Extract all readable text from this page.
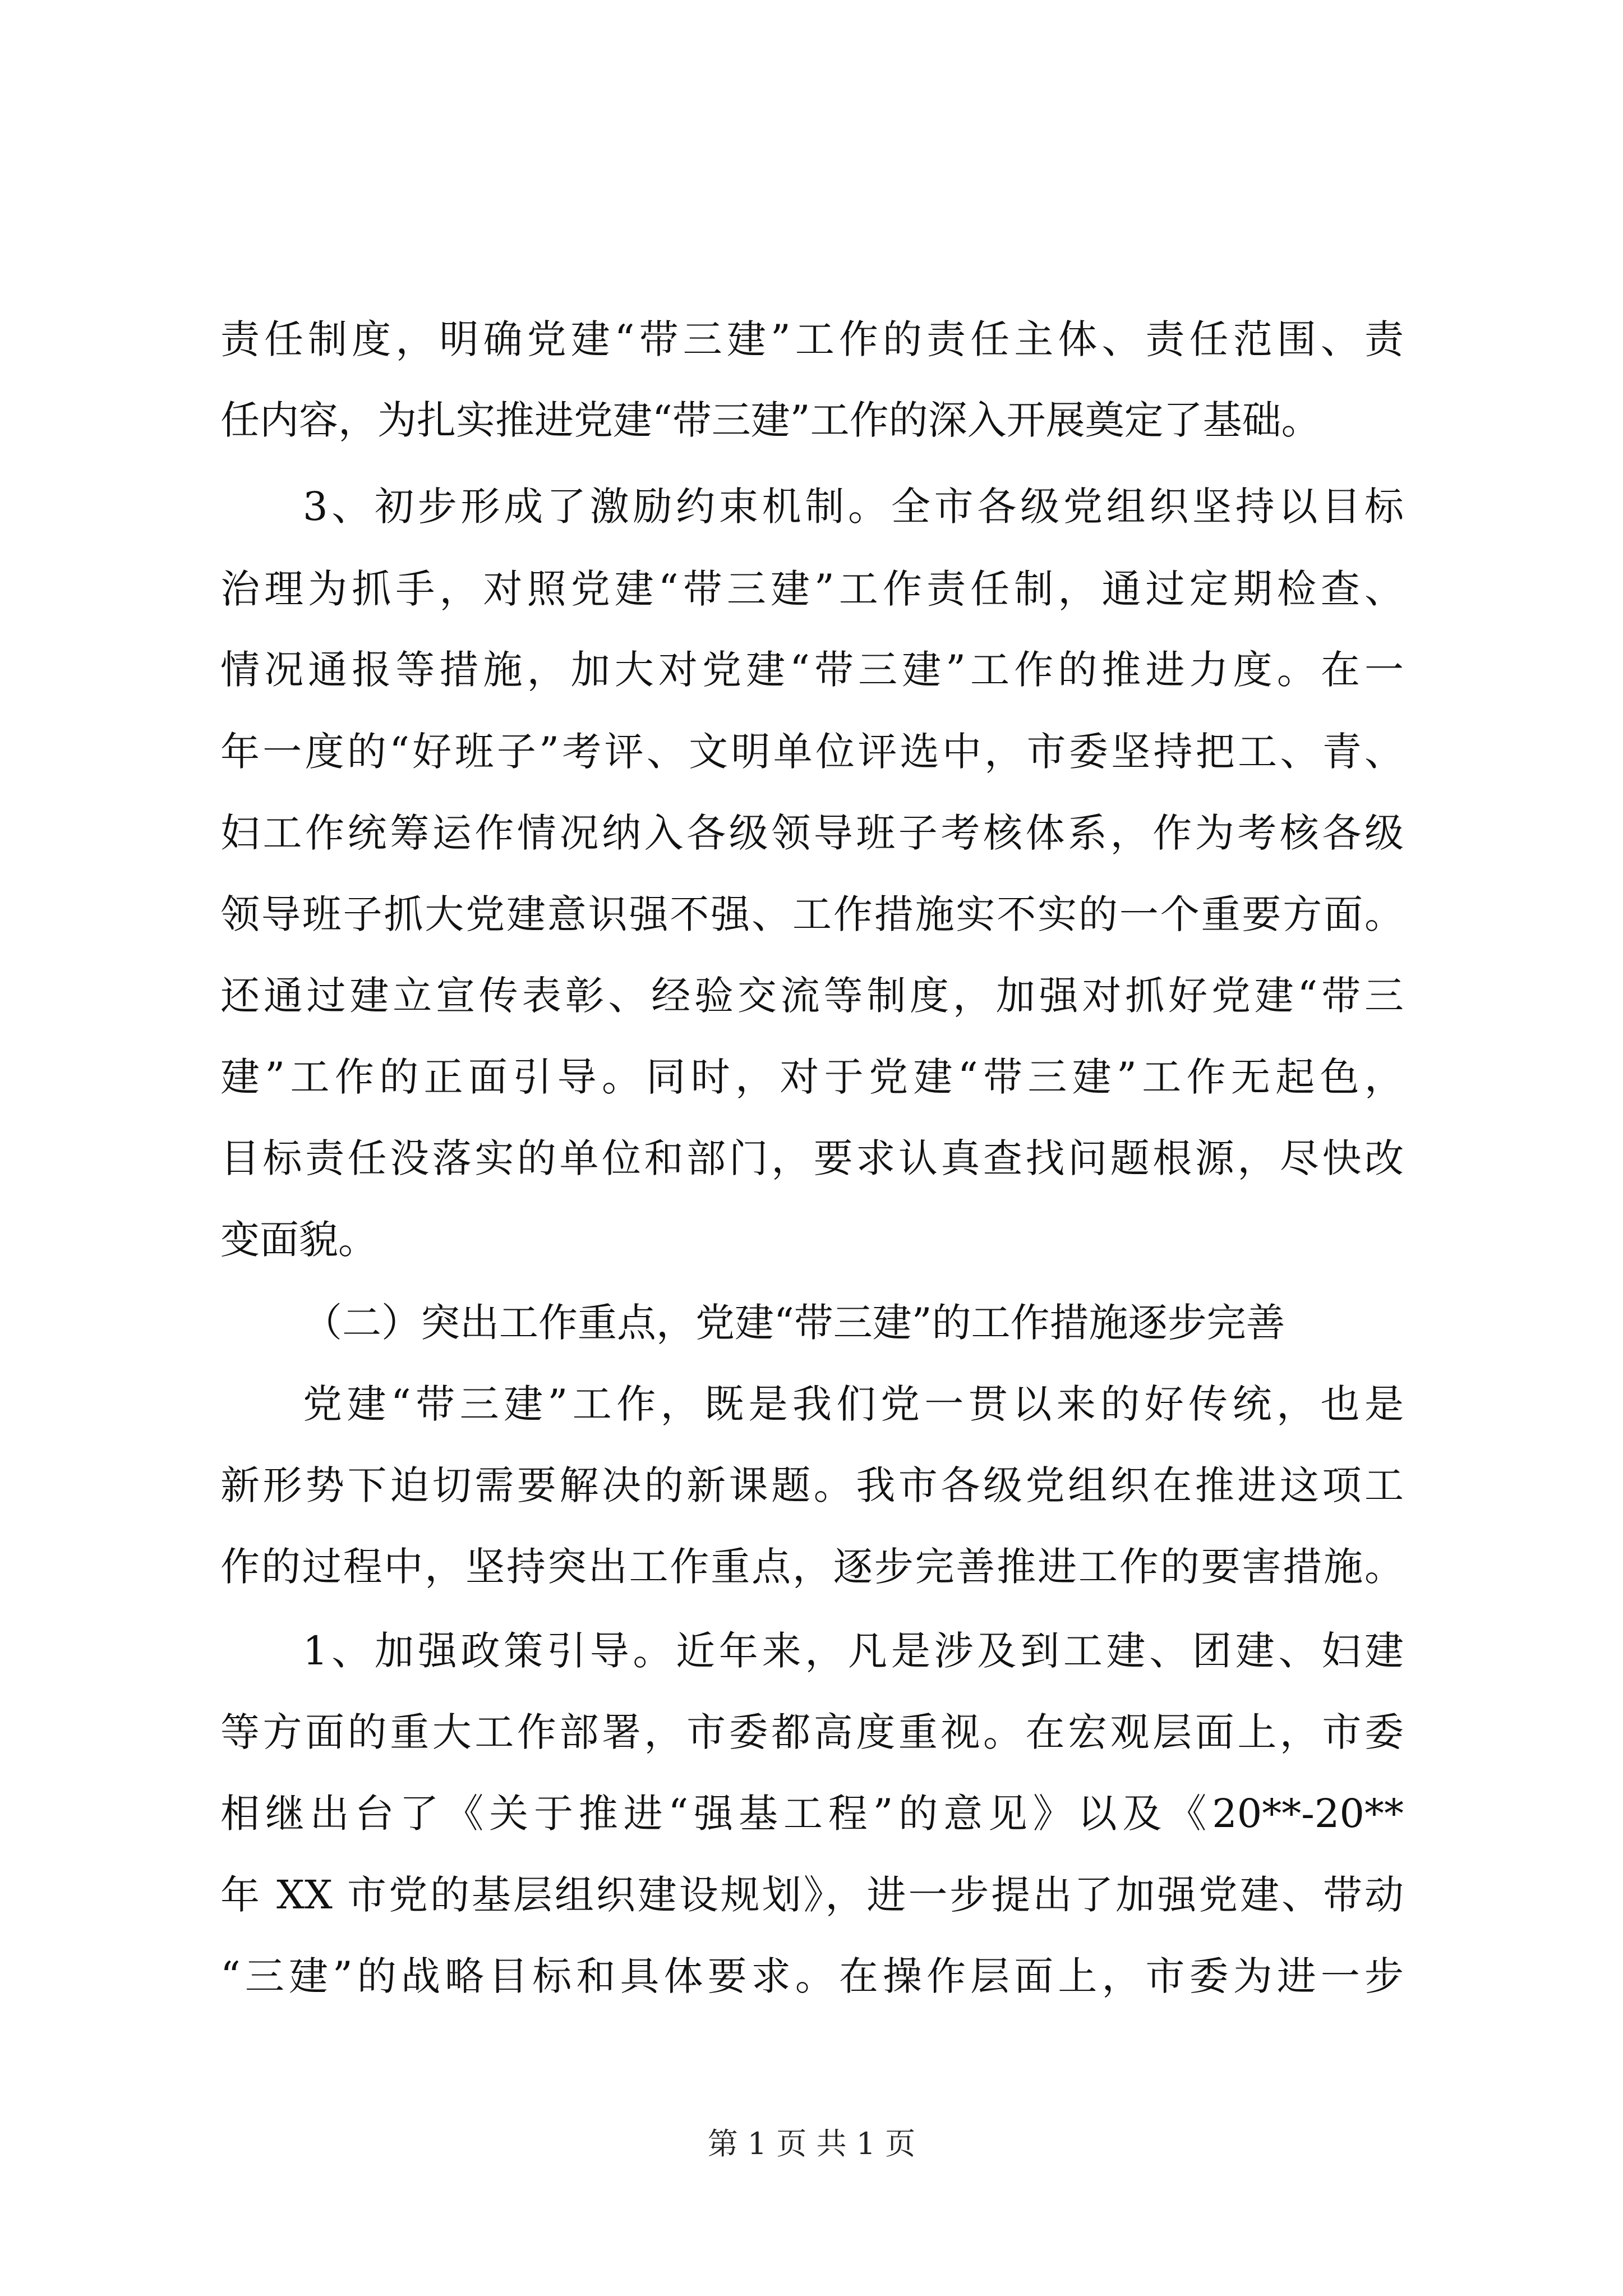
责任制度，明确党建“带三建”工作的责任主体、责任范围、责
任内容，为扎实推进党建“带三建”工作的深入开展奠定了基础。
3、初步形成了激励约束机制。全市各级党组织坚持以目标
治理为抓手，对照党建“带三建”工作责任制，通过定期检查、
情况通报等措施，加大对党建“带三建”工作的推进力度。在一
年一度的“好班子”考评、文明单位评选中，市委坚持把工、青、
妇工作统筹运作情况纳入各级领导班子考核体系，作为考核各级
领导班子抓大党建意识强不强、工作措施实不实的一个重要方面。
还通过建立宣传表彰、经验交流等制度，加强对抓好党建“带三
建”工作的正面引导。同时，对于党建“带三建”工作无起色，
目标责任没落实的单位和部门，要求认真查找问题根源，尽快改
变面貌。
（二）突出工作重点，党建“带三建”的工作措施逐步完善
党建“带三建”工作，既是我们党一贯以来的好传统，也是
新形势下迫切需要解决的新课题。我市各级党组织在推进这项工
作的过程中，坚持突出工作重点，逐步完善推进工作的要害措施。
1、加强政策引导。近年来，凡是涉及到工建、团建、妇建
等方面的重大工作部署，市委都高度重视。在宏观层面上，市委
相继出台了《关于推进“强基工程”的意见》以及《20**-20**
年 XX 市党的基层组织建设规划》，进一步提出了加强党建、带动
“三建”的战略目标和具体要求。在操作层面上，市委为进一步
第 1 页 共 1 页
